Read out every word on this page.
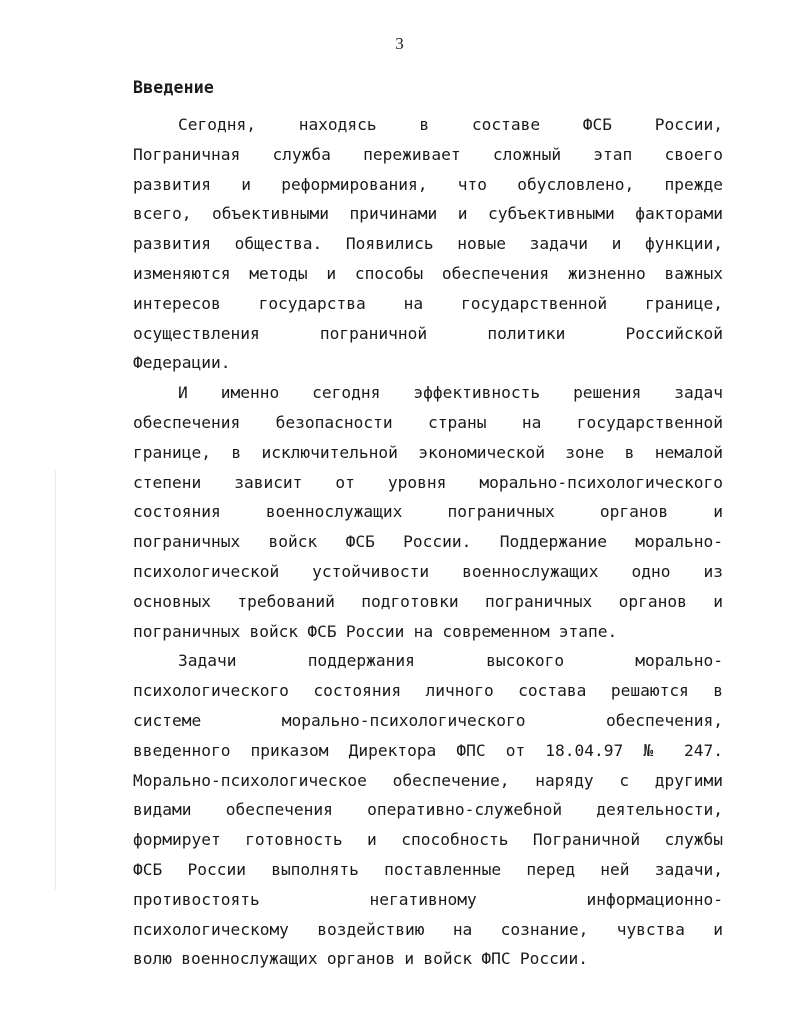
3
Введение
Сегодня, находясь в составе ФСБ России,
Пограничная служба переживает сложный этап своего
развития и реформирования, что обусловлено, прежде
всего, объективными причинами и субъективными факторами
развития общества. Появились новые задачи и функции,
изменяются методы и способы обеспечения жизненно важных
интересов государства на государственной границе,
осуществления пограничной политики Российской
Федерации.
И именно сегодня эффективность решения задач
обеспечения безопасности страны на государственной
границе, в исключительной экономической зоне в немалой
степени зависит от уровня морально-психологического
состояния военнослужащих пограничных органов и
пограничных войск ФСБ России. Поддержание морально-
психологической устойчивости военнослужащих одно из
основных требований подготовки пограничных органов и
пограничных войск ФСБ России на современном этапе.
Задачи поддержания высокого морально-
психологического состояния личного состава решаются в
системе морально-психологического обеспечения,
введенного приказом Директора ФПС от 18.04.97 № 247.
Морально-психологическое обеспечение, наряду с другими
видами обеспечения оперативно-служебной деятельности,
формирует готовность и способность Пограничной службы
ФСБ России выполнять поставленные перед ней задачи,
противостоять негативному информационно-
психологическому воздействию на сознание, чувства и
волю военнослужащих органов и войск ФПС России.
